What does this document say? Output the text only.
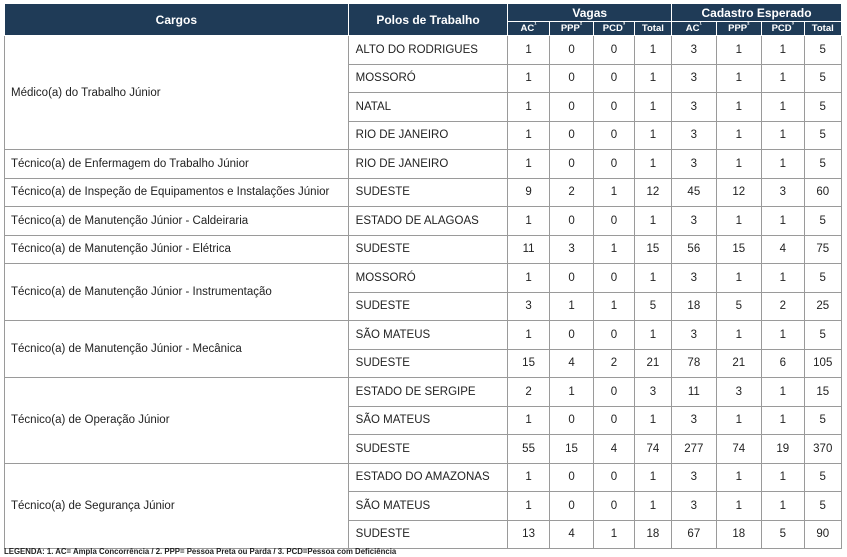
Cargos	Polos de Trabalho	Vagas				Cadastro Esperado			
		$AC^{^1}$	$PPP^{^2}$	$PCD^{^3}$	Total	$AC^{^1}$	$PPP^{^2}$	$PCD^{^3}$	Total
Médico(a) do Trabalho Júnior	ALTO DO RODRIGUES	1	0	0	1	3	1	1	5
	MOSSORÓ	1	0	0	1	3	1	1	5
	NATAL	1	0	0	1	3	1	1	5
	RIO DE JANEIRO	1	0	0	1	3	1	1	5
Técnico(a) de Enfermagem do Trabalho Júnior	RIO DE JANEIRO	1	0	0	1	3	1	1	5
Técnico(a) de Inspeção de Equipamentos e Instalações Júnior	SUDESTE	9	2	1	12	45	12	3	60
Técnico(a) de Manutenção Júnior - Caldeiraria	ESTADO DE ALAGOAS	1	0	0	1	3	1	1	5
Técnico(a) de Manutenção Júnior - Elétrica	SUDESTE	11	3	1	15	56	15	4	75
Técnico(a) de Manutenção Júnior - Instrumentação	MOSSORÓ	1	0	0	1	3	1	1	5
	SUDESTE	3	1	1	5	18	5	2	25
Técnico(a) de Manutenção Júnior - Mecânica	SÃO MATEUS	1	0	0	1	3	1	1	5
	SUDESTE	15	4	2	21	78	21	6	105
Técnico(a) de Operação Júnior	ESTADO DE SERGIPE	2	1	0	3	11	3	1	15
	SÃO MATEUS	1	0	0	1	3	1	1	5
	SUDESTE	55	15	4	74	277	74	19	370
Técnico(a) de Segurança Júnior	ESTADO DO AMAZONAS	1	0	0	1	3	1	1	5
	SÃO MATEUS	1	0	0	1	3	1	1	5
	SUDESTE	13	4	1	18	67	18	5	90
LEGENDA: 1. AC= Ampla Concorrência / 2. PPP= Pessoa Preta ou Parda / 3. PCD=Pessoa com Deficiência
